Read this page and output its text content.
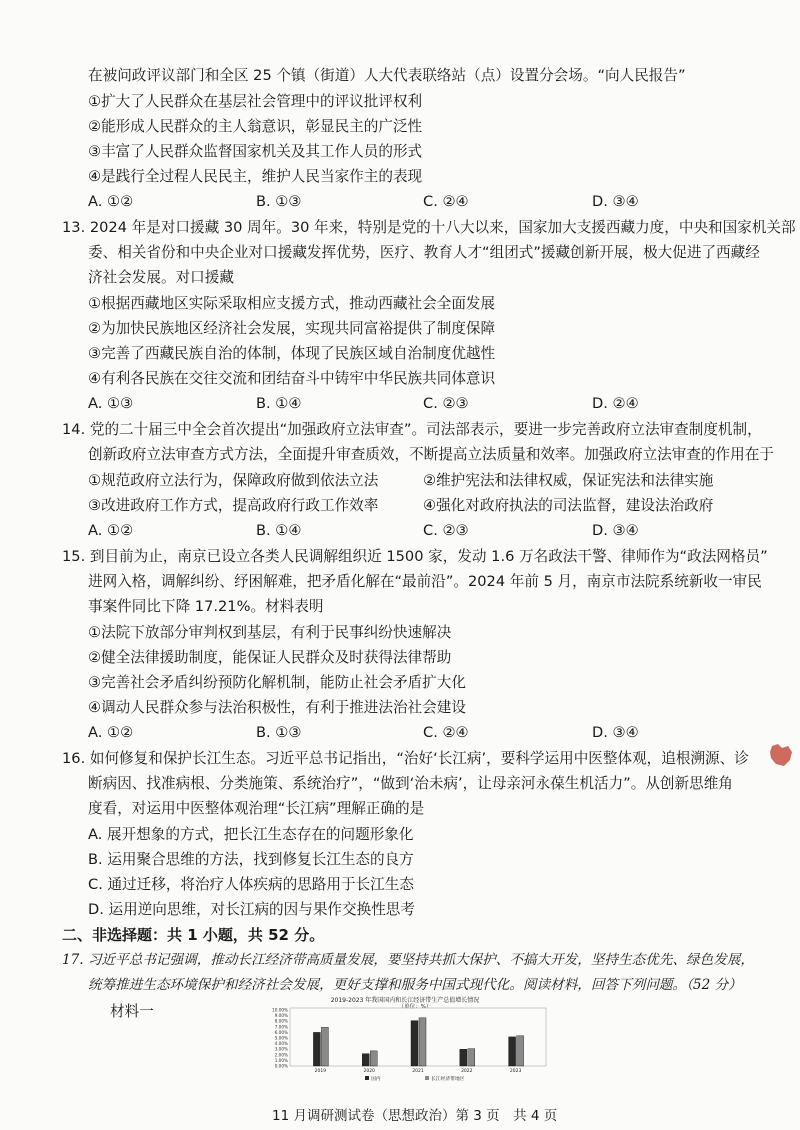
在被问政评议部门和全区 25 个镇（街道）人大代表联络站（点）设置分会场。“向人民报告”
①扩大了人民群众在基层社会管理中的评议批评权利
②能形成人民群众的主人翁意识，彰显民主的广泛性
③丰富了人民群众监督国家机关及其工作人员的形式
④是践行全过程人民民主，维护人民当家作主的表现
A. ①②	B. ①③	C. ②④	D. ③④
13. 2024 年是对口援藏 30 周年。30 年来，特别是党的十八大以来，国家加大支援西藏力度，中央和国家机关部
委、相关省份和中央企业对口援藏发挥优势，医疗、教育人才“组团式”援藏创新开展，极大促进了西藏经
济社会发展。对口援藏
①根据西藏地区实际采取相应支援方式，推动西藏社会全面发展
②为加快民族地区经济社会发展，实现共同富裕提供了制度保障
③完善了西藏民族自治的体制，体现了民族区域自治制度优越性
④有利各民族在交往交流和团结奋斗中铸牢中华民族共同体意识
A. ①③	B. ①④	C. ②③	D. ②④
14. 党的二十届三中全会首次提出“加强政府立法审查”。司法部表示，要进一步完善政府立法审查制度机制，
创新政府立法审查方式方法，全面提升审查质效，不断提高立法质量和效率。加强政府立法审查的作用在于
①规范政府立法行为，保障政府做到依法立法	②维护宪法和法律权威，保证宪法和法律实施
③改进政府工作方式，提高政府行政工作效率	④强化对政府执法的司法监督，建设法治政府
A. ①②	B. ①④	C. ②③	D. ③④
15. 到目前为止，南京已设立各类人民调解组织近 1500 家，发动 1.6 万名政法干警、律师作为“政法网格员”
进网入格，调解纠纷、纾困解难，把矛盾化解在“最前沿”。2024 年前 5 月，南京市法院系统新收一审民
事案件同比下降 17.21%。材料表明
①法院下放部分审判权到基层，有利于民事纠纷快速解决
②健全法律援助制度，能保证人民群众及时获得法律帮助
③完善社会矛盾纠纷预防化解机制，能防止社会矛盾扩大化
④调动人民群众参与法治积极性，有利于推进法治社会建设
A. ①②	B. ①③	C. ②④	D. ③④
16. 如何修复和保护长江生态。习近平总书记指出，“治好‘长江病’，要科学运用中医整体观，追根溯源、诊
断病因、找准病根、分类施策、系统治疗”，“做到‘治未病’，让母亲河永葆生机活力”。从创新思维角
度看，对运用中医整体观治理“长江病”理解正确的是
A. 展开想象的方式，把长江生态存在的问题形象化
B. 运用聚合思维的方法，找到修复长江生态的良方
C. 通过迁移，将治疗人体疾病的思路用于长江生态
D. 运用逆向思维，对长江病的因与果作交换性思考
二、非选择题：共 1 小题，共 52 分。
17. 习近平总书记强调，推动长江经济带高质量发展，要坚持共抓大保护、不搞大开发，坚持生态优先、绿色发展，
统筹推进生态环境保护和经济社会发展，更好支撑和服务中国式现代化。阅读材料，回答下列问题。（52 分）
材料一
2019-2023 年我国国内和长江经济带生产总值增长情况
（单位：%）
0.00%
1.00%
2.00%
3.00%
4.00%
5.00%
6.00%
7.00%
8.00%
9.00%
10.00%
2019	2020	2021	2022	2023
国内	长江经济带地区
11 月调研测试卷（思想政治）第 3 页　共 4 页
